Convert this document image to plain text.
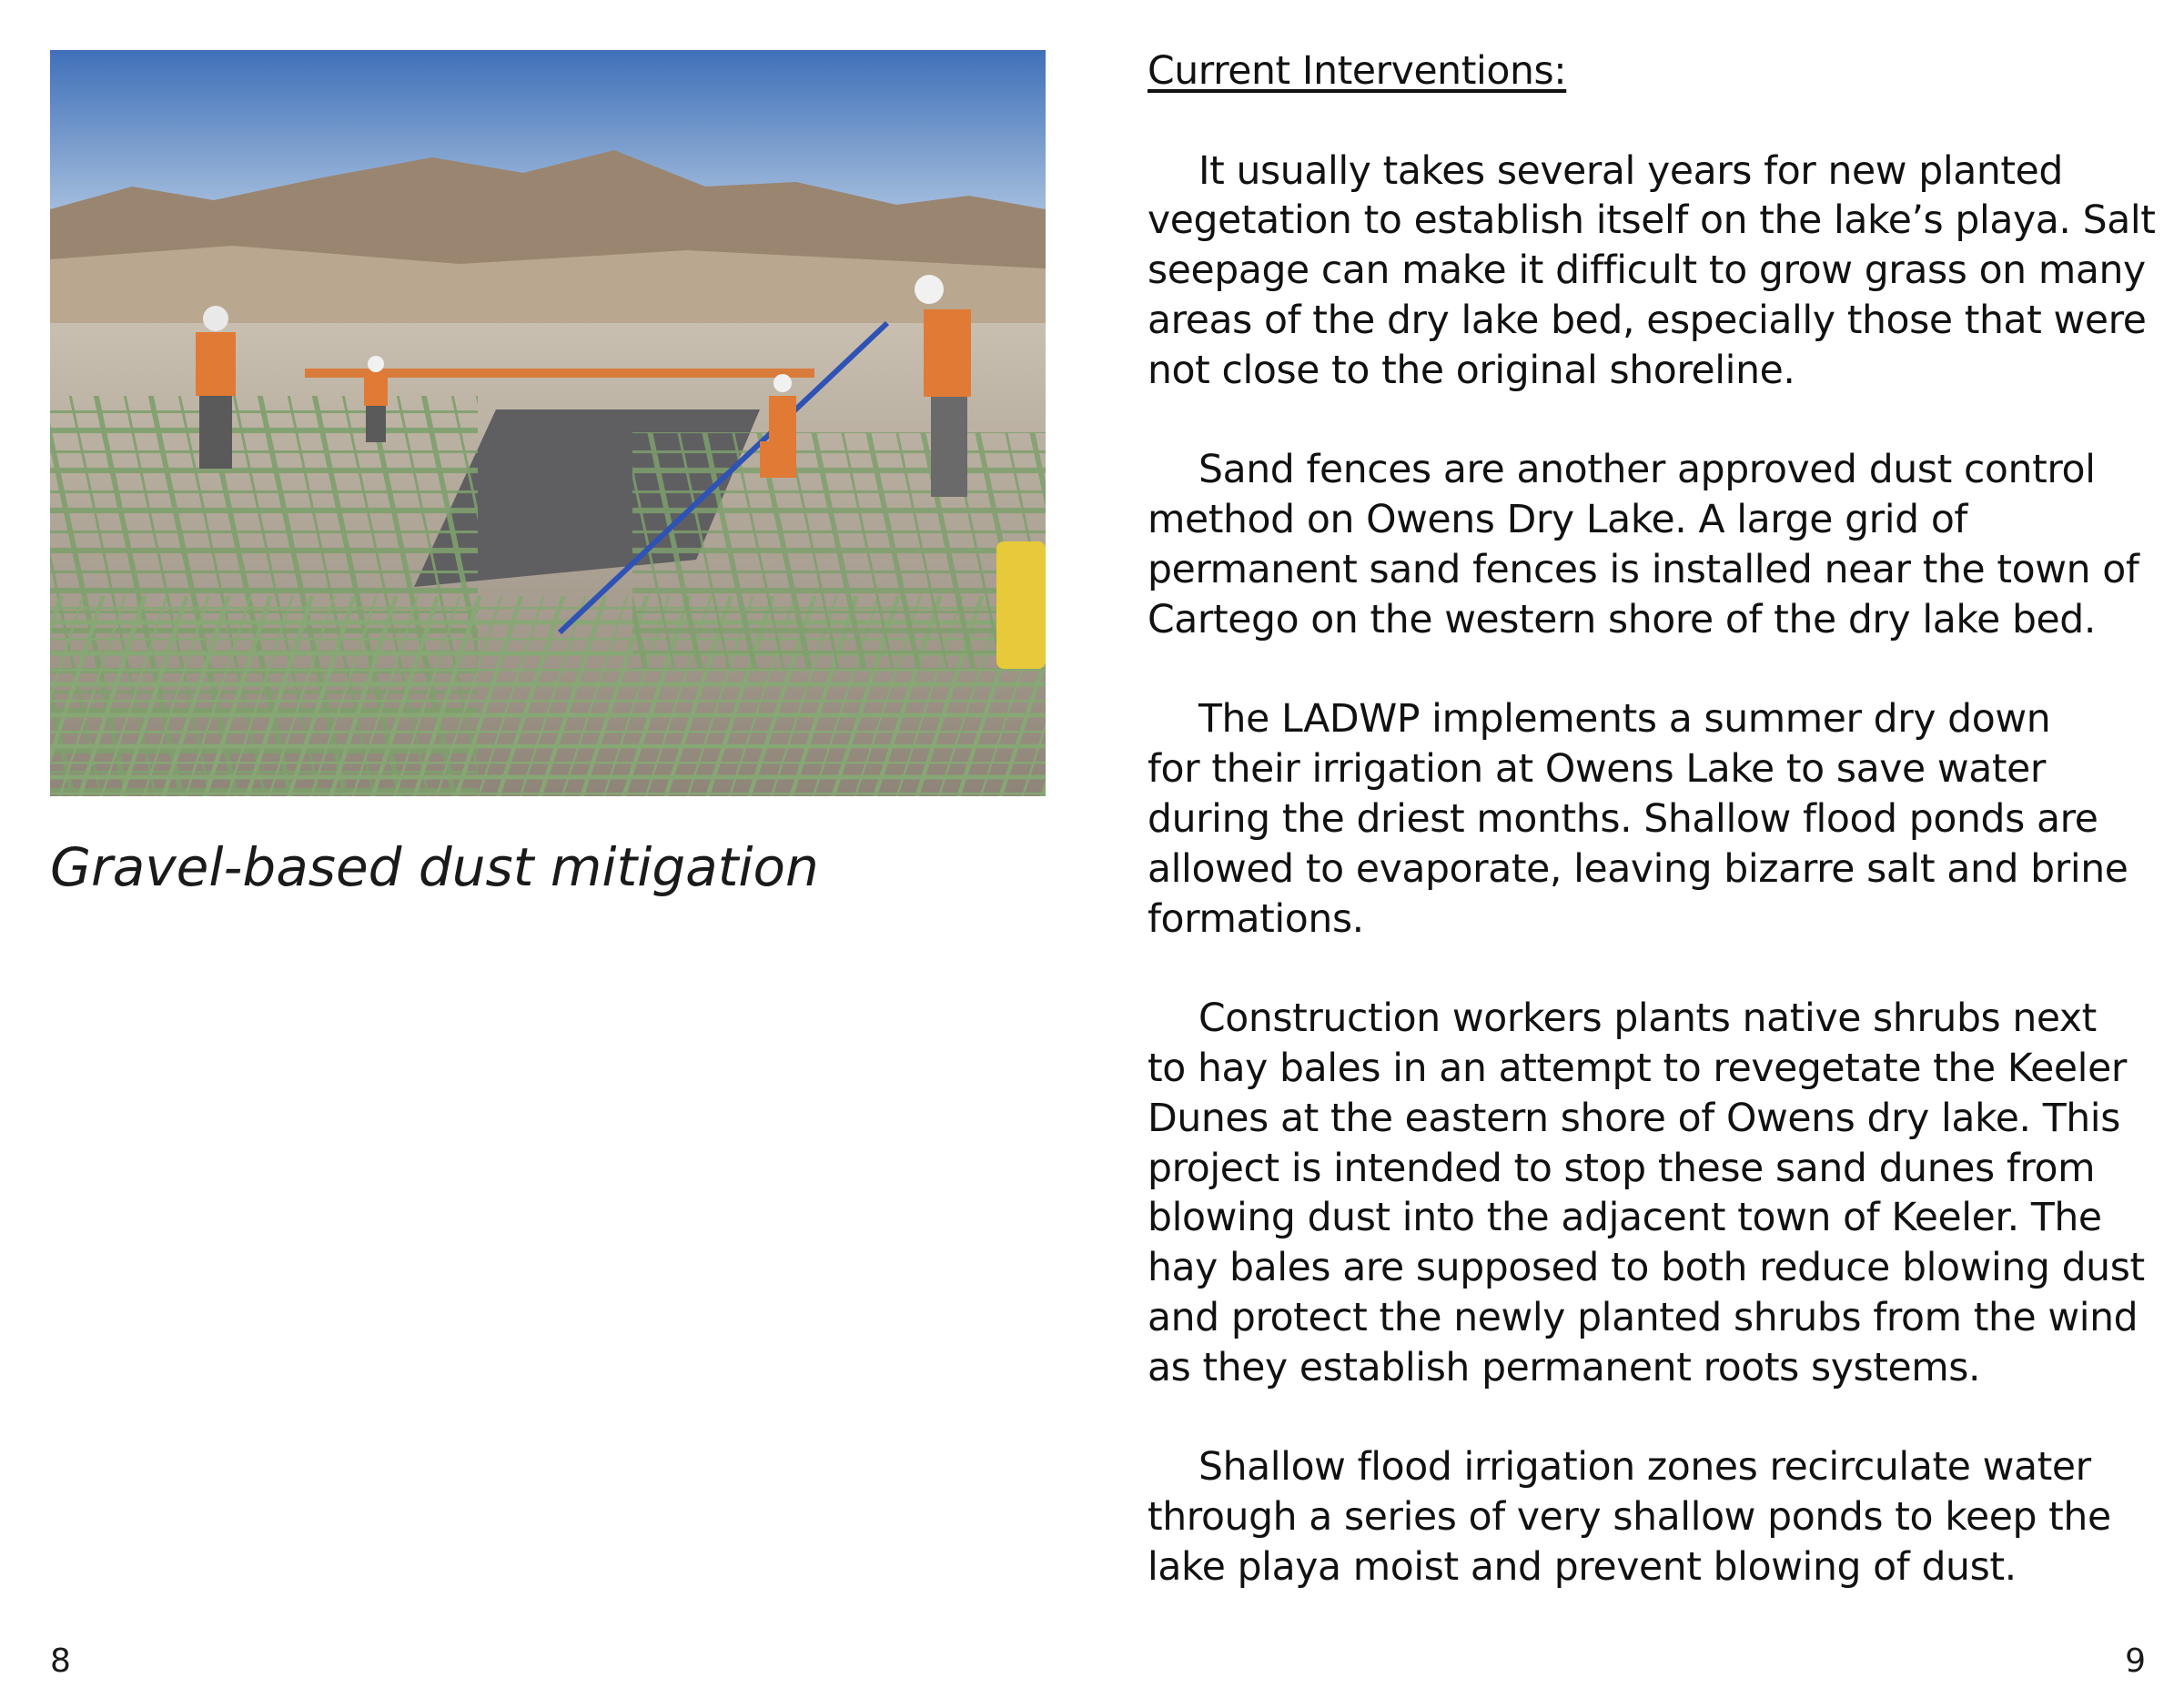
Gravel-based dust mitigation
8
Current Interventions:
It usually takes several years for new planted
vegetation to establish itself on the lake’s playa. Salt
seepage can make it difficult to grow grass on many
areas of the dry lake bed, especially those that were
not close to the original shoreline.
Sand fences are another approved dust control
method on Owens Dry Lake. A large grid of
permanent sand fences is installed near the town of
Cartego on the western shore of the dry lake bed.
The LADWP implements a summer dry down
for their irrigation at Owens Lake to save water
during the driest months. Shallow flood ponds are
allowed to evaporate, leaving bizarre salt and brine
formations.
Construction workers plants native shrubs next
to hay bales in an attempt to revegetate the Keeler
Dunes at the eastern shore of Owens dry lake. This
project is intended to stop these sand dunes from
blowing dust into the adjacent town of Keeler. The
hay bales are supposed to both reduce blowing dust
and protect the newly planted shrubs from the wind
as they establish permanent roots systems.
Shallow flood irrigation zones recirculate water
through a series of very shallow ponds to keep the
lake playa moist and prevent blowing of dust.
9
